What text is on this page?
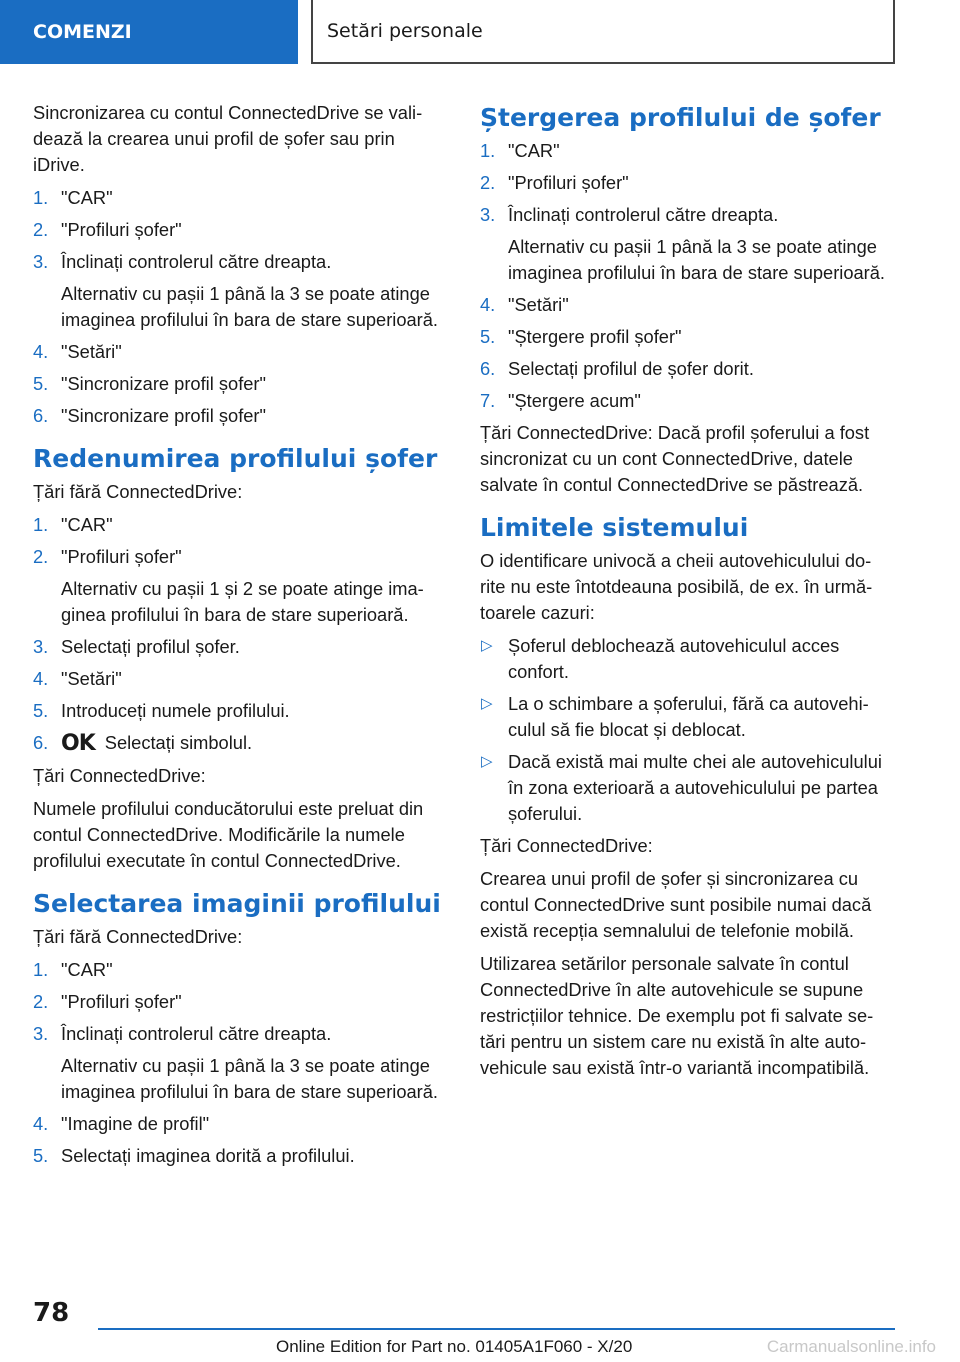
COMENZI	Setări personale

Sincronizarea cu contul ConnectedDrive se vali‐ dează la crearea unui profil de șofer sau prin iDrive.

1. "CAR"
2. "Profiluri șofer"
3. Înclinați controlerul către dreapta.
Alternativ cu pașii 1 până la 3 se poate atinge imaginea profilului în bara de stare superioară.
4. "Setări"
5. "Sincronizare profil șofer"
6. "Sincronizare profil șofer"
Redenumirea profilului șofer

Țări fără ConnectedDrive:

1. "CAR"
2. "Profiluri șofer"
Alternativ cu pașii 1 și 2 se poate atinge ima‐ ginea profilului în bara de stare superioară.
3. Selectați profilul șofer.
4. "Setări"
5. Introduceți numele profilului.
6. OK Selectați simbolul.

Țări ConnectedDrive:

Numele profilului conducătorului este preluat din contul ConnectedDrive. Modificările la numele profilului executate în contul ConnectedDrive.

Selectarea imaginii profilului

Țări fără ConnectedDrive:

1. "CAR"
2. "Profiluri șofer"
3. Înclinați controlerul către dreapta.
Alternativ cu pașii 1 până la 3 se poate atinge imaginea profilului în bara de stare superioară.
4. "Imagine de profil"
5. Selectați imaginea dorită a profilului.
Ștergerea profilului de șofer
1. "CAR"
2. "Profiluri șofer"
3. Înclinați controlerul către dreapta.
Alternativ cu pașii 1 până la 3 se poate atinge imaginea profilului în bara de stare superioară.
4. "Setări"
5. "Ștergere profil șofer"
6. Selectați profilul de șofer dorit.
7. "Ștergere acum"

Țări ConnectedDrive: Dacă profil șoferului a fost sincronizat cu un cont ConnectedDrive, datele salvate în contul ConnectedDrive se păstrează.

Limitele sistemului

O identificare univocă a cheii autovehiculului do‐ rite nu este întotdeauna posibilă, de ex. în urmă‐ toarele cazuri:

▷ Șoferul deblochează autovehiculul acces confort.
▷ La o schimbare a șoferului, fără ca autovehi‐ culul să fie blocat și deblocat.
▷ Dacă există mai multe chei ale autovehiculului în zona exterioară a autovehiculului pe partea șoferului.

Țări ConnectedDrive:

Crearea unui profil de șofer și sincronizarea cu contul ConnectedDrive sunt posibile numai dacă există recepția semnalului de telefonie mobilă.

Utilizarea setărilor personale salvate în contul ConnectedDrive în alte autovehicule se supune restricțiilor tehnice. De exemplu pot fi salvate se‐ tări pentru un sistem care nu există în alte auto‐ vehicule sau există într-o variantă incompatibilă.

78
Online Edition for Part no. 01405A1F060 - X/20	Carmanualsonline.info
